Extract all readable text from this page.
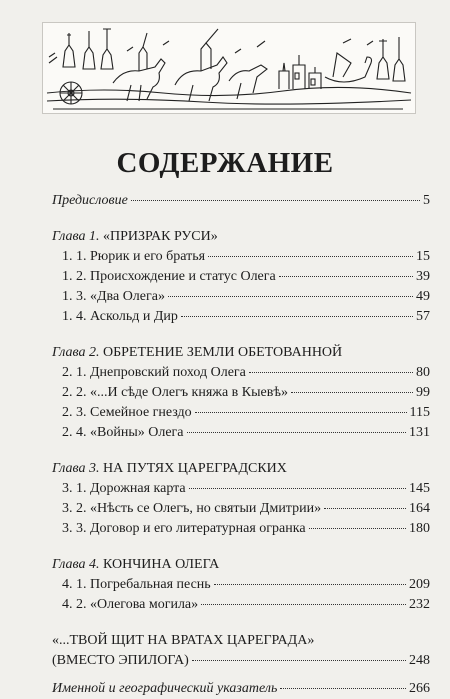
СОДЕРЖАНИЕ
Предисловие	5
Глава 1. «ПРИЗРАК РУСИ»
1. 1. Рюрик и его братья	15
1. 2. Происхождение и статус Олега	39
1. 3. «Два Олега»	49
1. 4. Аскольд и Дир	57
Глава 2. ОБРЕТЕНИЕ ЗЕМЛИ ОБЕТОВАННОЙ
2. 1. Днепровский поход Олега	80
2. 2. «...И сѣде Олегъ княжа в Кыевѣ»	99
2. 3. Семейное гнездо	115
2. 4. «Войны» Олега	131
Глава 3. НА ПУТЯХ ЦАРЕГРАДСКИХ
3. 1. Дорожная карта	145
3. 2. «Нѣсть се Олегъ, но святыи Дмитрии»	164
3. 3. Договор и его литературная огранка	180
Глава 4. КОНЧИНА ОЛЕГА
4. 1. Погребальная песнь	209
4. 2. «Олегова могила»	232
«...ТВОЙ ЩИТ НА ВРАТАХ ЦАРЕГРАДА»
(ВМЕСТО ЭПИЛОГА)	248
Именной и географический указатель	266
